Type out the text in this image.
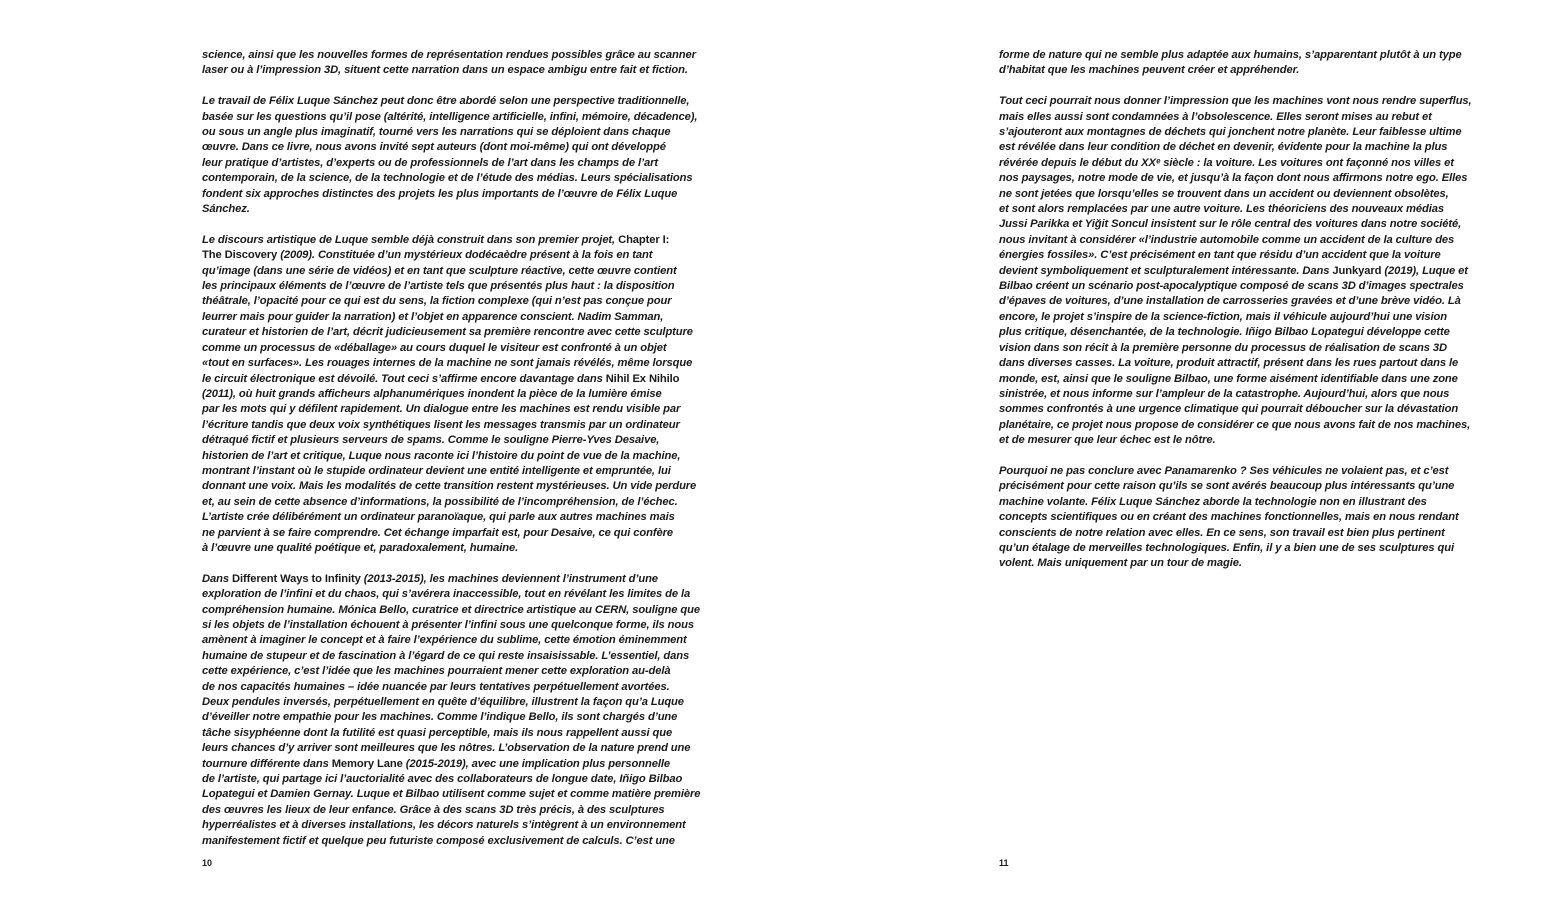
science, ainsi que les nouvelles formes de représentation rendues possibles grâce au scanner
laser ou à l’impression 3D, situent cette narration dans un espace ambigu entre fait et fiction.

Le travail de Félix Luque Sánchez peut donc être abordé selon une perspective traditionnelle,
basée sur les questions qu’il pose (altérité, intelligence artificielle, infini, mémoire, décadence),
ou sous un angle plus imaginatif, tourné vers les narrations qui se déploient dans chaque
œuvre. Dans ce livre, nous avons invité sept auteurs (dont moi-même) qui ont développé
leur pratique d’artistes, d’experts ou de professionnels de l’art dans les champs de l’art
contemporain, de la science, de la technologie et de l’étude des médias. Leurs spécialisations
fondent six approches distinctes des projets les plus importants de l’œuvre de Félix Luque
Sánchez.

Le discours artistique de Luque semble déjà construit dans son premier projet, Chapter I:
The Discovery (2009). Constituée d’un mystérieux dodécaèdre présent à la fois en tant
qu’image (dans une série de vidéos) et en tant que sculpture réactive, cette œuvre contient
les principaux éléments de l’œuvre de l’artiste tels que présentés plus haut : la disposition
théâtrale, l’opacité pour ce qui est du sens, la fiction complexe (qui n’est pas conçue pour
leurrer mais pour guider la narration) et l’objet en apparence conscient. Nadim Samman,
curateur et historien de l’art, décrit judicieusement sa première rencontre avec cette sculpture
comme un processus de «déballage» au cours duquel le visiteur est confronté à un objet
«tout en surfaces». Les rouages internes de la machine ne sont jamais révélés, même lorsque
le circuit électronique est dévoilé. Tout ceci s’affirme encore davantage dans Nihil Ex Nihilo
(2011), où huit grands afficheurs alphanumériques inondent la pièce de la lumière émise
par les mots qui y défilent rapidement. Un dialogue entre les machines est rendu visible par
l’écriture tandis que deux voix synthétiques lisent les messages transmis par un ordinateur
détraqué fictif et plusieurs serveurs de spams. Comme le souligne Pierre-Yves Desaive,
historien de l’art et critique, Luque nous raconte ici l’histoire du point de vue de la machine,
montrant l’instant où le stupide ordinateur devient une entité intelligente et empruntée, lui
donnant une voix. Mais les modalités de cette transition restent mystérieuses. Un vide perdure
et, au sein de cette absence d’informations, la possibilité de l’incompréhension, de l’échec.
L’artiste crée délibérément un ordinateur paranoïaque, qui parle aux autres machines mais
ne parvient à se faire comprendre. Cet échange imparfait est, pour Desaive, ce qui confère
à l’œuvre une qualité poétique et, paradoxalement, humaine.

Dans Different Ways to Infinity (2013-2015), les machines deviennent l’instrument d’une
exploration de l’infini et du chaos, qui s’avérera inaccessible, tout en révélant les limites de la
compréhension humaine. Mónica Bello, curatrice et directrice artistique au CERN, souligne que
si les objets de l’installation échouent à présenter l’infini sous une quelconque forme, ils nous
amènent à imaginer le concept et à faire l’expérience du sublime, cette émotion éminemment
humaine de stupeur et de fascination à l’égard de ce qui reste insaisissable. L’essentiel, dans
cette expérience, c’est l’idée que les machines pourraient mener cette exploration au-delà
de nos capacités humaines – idée nuancée par leurs tentatives perpétuellement avortées.
Deux pendules inversés, perpétuellement en quête d’équilibre, illustrent la façon qu’a Luque
d’éveiller notre empathie pour les machines. Comme l’indique Bello, ils sont chargés d’une
tâche sisyphéenne dont la futilité est quasi perceptible, mais ils nous rappellent aussi que
leurs chances d’y arriver sont meilleures que les nôtres. L’observation de la nature prend une
tournure différente dans Memory Lane (2015-2019), avec une implication plus personnelle
de l’artiste, qui partage ici l’auctorialité avec des collaborateurs de longue date, Iñigo Bilbao
Lopategui et Damien Gernay. Luque et Bilbao utilisent comme sujet et comme matière première
des œuvres les lieux de leur enfance. Grâce à des scans 3D très précis, à des sculptures
hyperréalistes et à diverses installations, les décors naturels s’intègrent à un environnement
manifestement fictif et quelque peu futuriste composé exclusivement de calculs. C’est une

10

forme de nature qui ne semble plus adaptée aux humains, s’apparentant plutôt à un type
d’habitat que les machines peuvent créer et appréhender.

Tout ceci pourrait nous donner l’impression que les machines vont nous rendre superflus,
mais elles aussi sont condamnées à l’obsolescence. Elles seront mises au rebut et
s’ajouteront aux montagnes de déchets qui jonchent notre planète. Leur faiblesse ultime
est révélée dans leur condition de déchet en devenir, évidente pour la machine la plus
révérée depuis le début du XXᵉ siècle : la voiture. Les voitures ont façonné nos villes et
nos paysages, notre mode de vie, et jusqu’à la façon dont nous affirmons notre ego. Elles
ne sont jetées que lorsqu’elles se trouvent dans un accident ou deviennent obsolètes,
et sont alors remplacées par une autre voiture. Les théoriciens des nouveaux médias
Jussi Parikka et Yiğit Soncul insistent sur le rôle central des voitures dans notre société,
nous invitant à considérer «l’industrie automobile comme un accident de la culture des
énergies fossiles». C’est précisément en tant que résidu d’un accident que la voiture
devient symboliquement et sculpturalement intéressante. Dans Junkyard (2019), Luque et
Bilbao créent un scénario post-apocalyptique composé de scans 3D d’images spectrales
d’épaves de voitures, d’une installation de carrosseries gravées et d’une brève vidéo. Là
encore, le projet s’inspire de la science-fiction, mais il véhicule aujourd’hui une vision
plus critique, désenchantée, de la technologie. Iñigo Bilbao Lopategui développe cette
vision dans son récit à la première personne du processus de réalisation de scans 3D
dans diverses casses. La voiture, produit attractif, présent dans les rues partout dans le
monde, est, ainsi que le souligne Bilbao, une forme aisément identifiable dans une zone
sinistrée, et nous informe sur l’ampleur de la catastrophe. Aujourd’hui, alors que nous
sommes confrontés à une urgence climatique qui pourrait déboucher sur la dévastation
planétaire, ce projet nous propose de considérer ce que nous avons fait de nos machines,
et de mesurer que leur échec est le nôtre.

Pourquoi ne pas conclure avec Panamarenko ? Ses véhicules ne volaient pas, et c’est
précisément pour cette raison qu’ils se sont avérés beaucoup plus intéressants qu’une
machine volante. Félix Luque Sánchez aborde la technologie non en illustrant des
concepts scientifiques ou en créant des machines fonctionnelles, mais en nous rendant
conscients de notre relation avec elles. En ce sens, son travail est bien plus pertinent
qu’un étalage de merveilles technologiques. Enfin, il y a bien une de ses sculptures qui
volent. Mais uniquement par un tour de magie.

11
